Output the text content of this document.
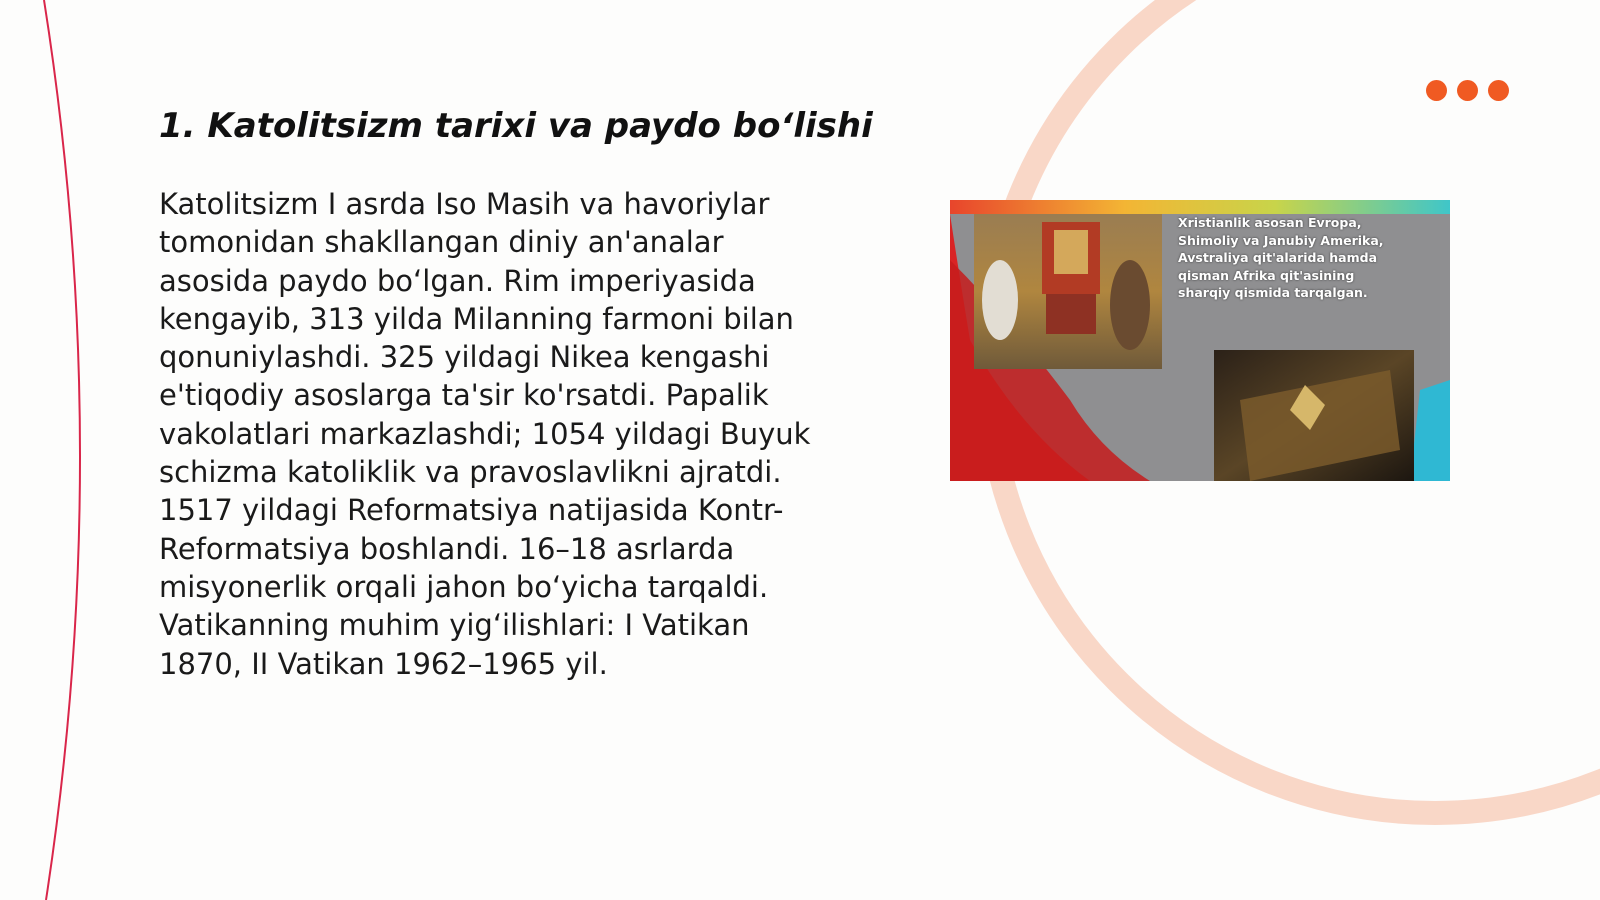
1. Katolitsizm tarixi va paydo bo‘lishi

Katolitsizm I asrda Iso Masih va havoriylar tomonidan shakllangan diniy an'analar asosida paydo bo‘lgan. Rim imperiyasida kengayib, 313 yilda Milanning farmoni bilan qonuniylashdi. 325 yildagi Nikea kengashi e'tiqodiy asoslarga ta'sir ko'rsatdi. Papalik vakolatlari markazlashdi; 1054 yildagi Buyuk schizma katoliklik va pravoslavlikni ajratdi. 1517 yildagi Reformatsiya natijasida Kontr-Reformatsiya boshlandi. 16–18 asrlarda misyonerlik orqali jahon bo‘yicha tarqaldi. Vatikanning muhim yig‘ilishlari: I Vatikan 1870, II Vatikan 1962–1965 yil.

Xristianlik asosan Evropa, Shimoliy va Janubiy Amerika, Avstraliya qit'alarida hamda qisman Afrika qit'asining sharqiy qismida tarqalgan.
